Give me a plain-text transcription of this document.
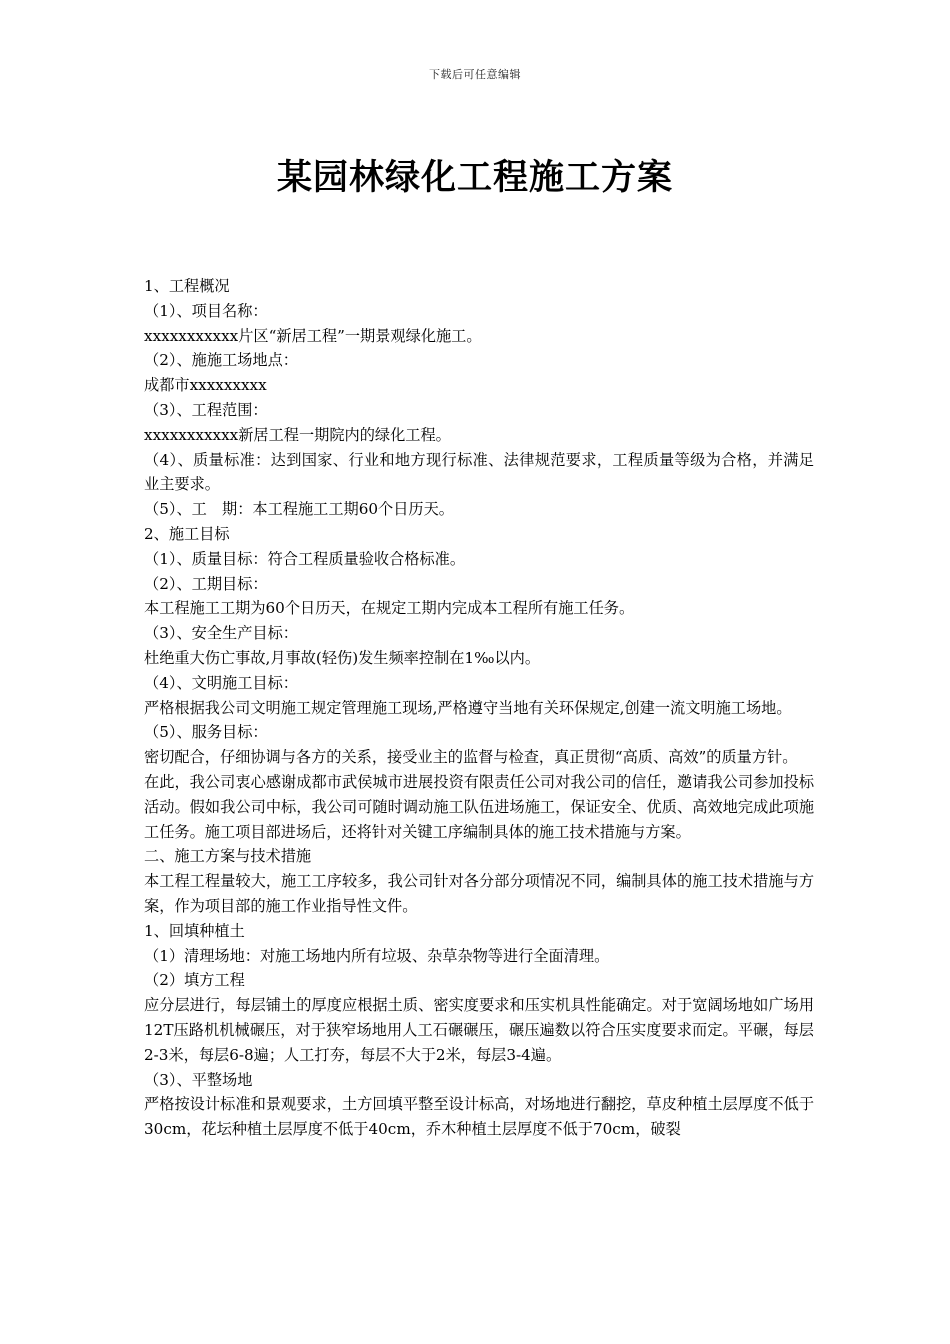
下载后可任意编辑
某园林绿化工程施工方案

1、工程概况

（1）、项目名称：

xxxxxxxxxxx片区“新居工程”一期景观绿化施工。

（2）、施施工场地点：

成都市xxxxxxxxx

（3）、工程范围：

xxxxxxxxxxx新居工程一期院内的绿化工程。

（4）、质量标准：达到国家、行业和地方现行标准、法律规范要求，工程质量等级为合格，并满足业主要求。

（5）、工　期：本工程施工工期60个日历天。

2、施工目标

（1）、质量目标：符合工程质量验收合格标准。

（2）、工期目标：

本工程施工工期为60个日历天，在规定工期内完成本工程所有施工任务。

（3）、安全生产目标：

杜绝重大伤亡事故,月事故(轻伤)发生频率控制在1‰以内。

（4）、文明施工目标：

严格根据我公司文明施工规定管理施工现场,严格遵守当地有关环保规定,创建一流文明施工场地。

（5）、服务目标：

密切配合，仔细协调与各方的关系，接受业主的监督与检查，真正贯彻“高质、高效”的质量方针。

在此，我公司衷心感谢成都市武侯城市进展投资有限责任公司对我公司的信任，邀请我公司参加投标活动。假如我公司中标，我公司可随时调动施工队伍进场施工，保证安全、优质、高效地完成此项施工任务。施工项目部进场后，还将针对关键工序编制具体的施工技术措施与方案。

二、施工方案与技术措施

本工程工程量较大，施工工序较多，我公司针对各分部分项情况不同，编制具体的施工技术措施与方案，作为项目部的施工作业指导性文件。

1、回填种植土

（1）清理场地：对施工场地内所有垃圾、杂草杂物等进行全面清理。

（2）填方工程

应分层进行，每层铺土的厚度应根据土质、密实度要求和压实机具性能确定。对于宽阔场地如广场用12T压路机机械碾压，对于狭窄场地用人工石碾碾压，碾压遍数以符合压实度要求而定。平碾，每层2-3米，每层6-8遍；人工打夯，每层不大于2米，每层3-4遍。

（3）、平整场地

严格按设计标准和景观要求，土方回填平整至设计标高，对场地进行翻挖，草皮种植土层厚度不低于30cm，花坛种植土层厚度不低于40cm，乔木种植土层厚度不低于70cm，破裂
